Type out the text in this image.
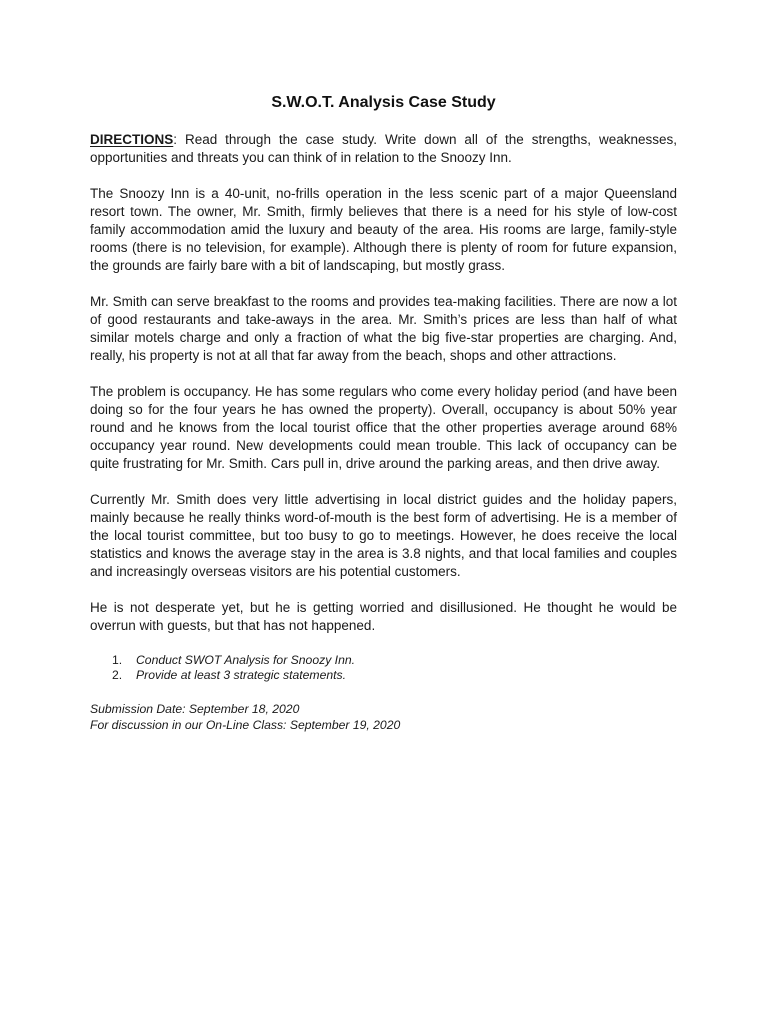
S.W.O.T. Analysis Case Study

DIRECTIONS: Read through the case study. Write down all of the strengths, weaknesses, opportunities and threats you can think of in relation to the Snoozy Inn.

The Snoozy Inn is a 40-unit, no-frills operation in the less scenic part of a major Queensland resort town. The owner, Mr. Smith, firmly believes that there is a need for his style of low-cost family accommodation amid the luxury and beauty of the area. His rooms are large, family-style rooms (there is no television, for example). Although there is plenty of room for future expansion, the grounds are fairly bare with a bit of landscaping, but mostly grass.

Mr. Smith can serve breakfast to the rooms and provides tea-making facilities. There are now a lot of good restaurants and take-aways in the area. Mr. Smith’s prices are less than half of what similar motels charge and only a fraction of what the big five-star properties are charging. And, really, his property is not at all that far away from the beach, shops and other attractions.

The problem is occupancy. He has some regulars who come every holiday period (and have been doing so for the four years he has owned the property). Overall, occupancy is about 50% year round and he knows from the local tourist office that the other properties average around 68% occupancy year round. New developments could mean trouble. This lack of occupancy can be quite frustrating for Mr. Smith. Cars pull in, drive around the parking areas, and then drive away.

Currently Mr. Smith does very little advertising in local district guides and the holiday papers, mainly because he really thinks word-of-mouth is the best form of advertising. He is a member of the local tourist committee, but too busy to go to meetings. However, he does receive the local statistics and knows the average stay in the area is 3.8 nights, and that local families and couples and increasingly overseas visitors are his potential customers.

He is not desperate yet, but he is getting worried and disillusioned. He thought he would be overrun with guests, but that has not happened.

1. Conduct SWOT Analysis for Snoozy Inn.
2. Provide at least 3 strategic statements.
Submission Date: September 18, 2020
For discussion in our On-Line Class: September 19, 2020
